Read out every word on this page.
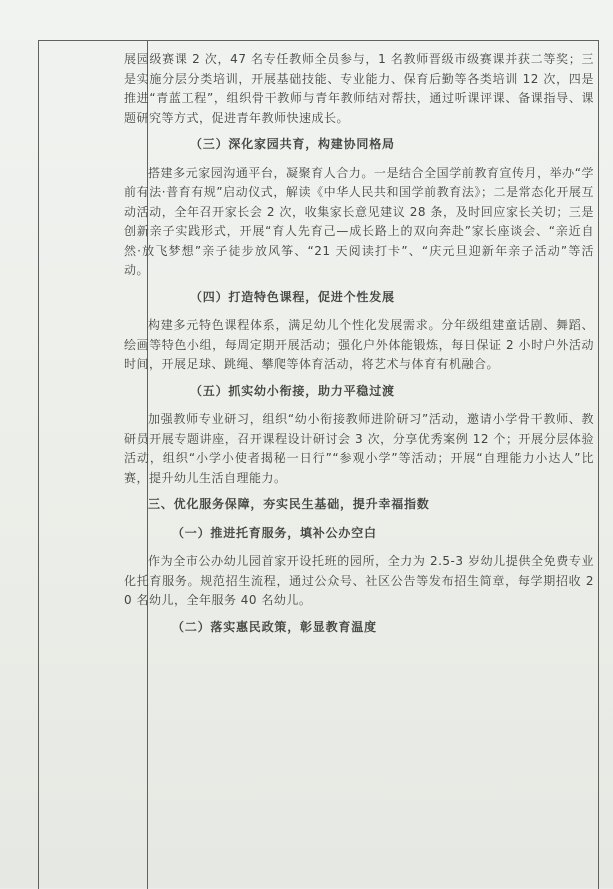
展园级赛课 2 次，47 名专任教师全员参与，1 名教师晋级市级赛课并获二等奖；三是实施分层分类培训，开展基础技能、专业能力、保育后勤等各类培训 12 次，四是推进“青蓝工程”，组织骨干教师与青年教师结对帮扶，通过听课评课、备课指导、课题研究等方式，促进青年教师快速成长。

（三）深化家园共育，构建协同格局

搭建多元家园沟通平台，凝聚育人合力。一是结合全国学前教育宣传月，举办“学前有法·普育有规”启动仪式，解读《中华人民共和国学前教育法》；二是常态化开展互动活动，全年召开家长会 2 次，收集家长意见建议 28 条，及时回应家长关切；三是创新亲子实践形式，开展“育人先育己—成长路上的双向奔赴”家长座谈会、“亲近自然·放飞梦想”亲子徒步放风筝、“21 天阅读打卡”、“庆元旦迎新年亲子活动”等活动。

（四）打造特色课程，促进个性发展

构建多元特色课程体系，满足幼儿个性化发展需求。分年级组建童话剧、舞蹈、绘画等特色小组，每周定期开展活动；强化户外体能锻炼，每日保证 2 小时户外活动时间，开展足球、跳绳、攀爬等体育活动，将艺术与体育有机融合。

（五）抓实幼小衔接，助力平稳过渡

加强教师专业研习，组织“幼小衔接教师进阶研习”活动，邀请小学骨干教师、教研员开展专题讲座，召开课程设计研讨会 3 次，分享优秀案例 12 个；开展分层体验活动，组织“小学小使者揭秘一日行”“参观小学”等活动；开展“自理能力小达人”比赛，提升幼儿生活自理能力。

三、优化服务保障，夯实民生基础，提升幸福指数
（一）推进托育服务，填补公办空白

作为全市公办幼儿园首家开设托班的园所，全力为 2.5-3 岁幼儿提供全免费专业化托育服务。规范招生流程，通过公众号、社区公告等发布招生简章，每学期招收 20 名幼儿，全年服务 40 名幼儿。

（二）落实惠民政策，彰显教育温度
